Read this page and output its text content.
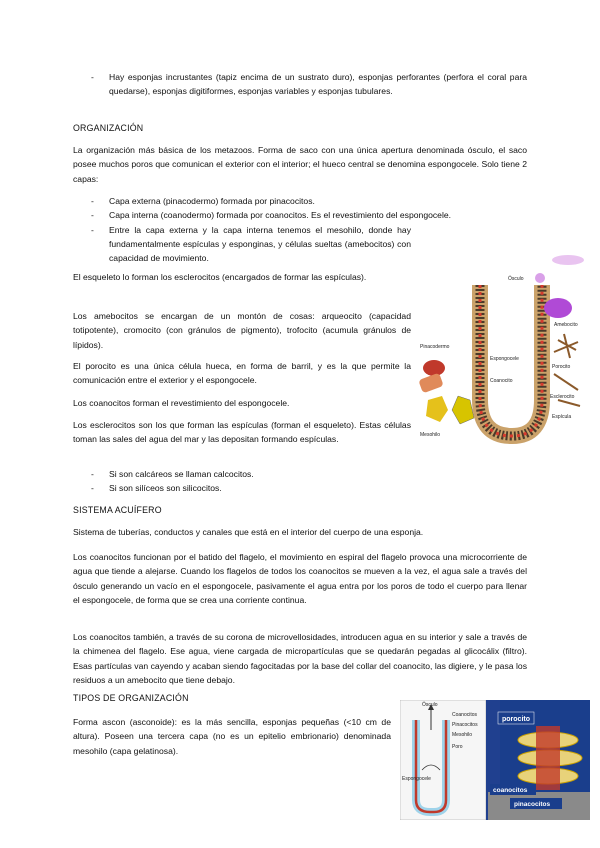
- Hay esponjas incrustantes (tapiz encima de un sustrato duro), esponjas perforantes (perfora el coral para quedarse), esponjas digitiformes, esponjas variables y esponjas tubulares.
ORGANIZACIÓN

La organización más básica de los metazoos. Forma de saco con una única apertura denominada ósculo, el saco posee muchos poros que comunican el exterior con el interior; el hueco central se denomina espongocele. Solo tiene 2 capas:

- Capa externa (pinacodermo) formada por pinacocitos.
- Capa interna (coanodermo) formada por coanocitos. Es el revestimiento del espongocele.
- Entre la capa externa y la capa interna tenemos el mesohilo, donde hay fundamentalmente espículas y esponginas, y células sueltas (amebocitos) con capacidad de movimiento.

El esqueleto lo forman los esclerocitos (encargados de formar las espículas).

Los amebocitos se encargan de un montón de cosas: arqueocito (capacidad totipotente), cromocito (con gránulos de pigmento), trofocito (acumula gránulos de lípidos).

El porocito es una única célula hueca, en forma de barril, y es la que permite la comunicación entre el exterior y el espongocele.

Los coanocitos forman el revestimiento del espongocele.

Los esclerocitos son los que forman las espículas (forman el esqueleto). Estas células toman las sales del agua del mar y las depositan formando espículas.

- Si son calcáreos se llaman calcocitos.
- Si son silíceos son silicocitos.
Pinacodermo
Espongocele
Coanocito
Ósculo
Amebocito
Porocito
Esclerocito
Espícula
Mesohilo
SISTEMA ACUÍFERO

Sistema de tuberías, conductos y canales que está en el interior del cuerpo de una esponja.

Los coanocitos funcionan por el batido del flagelo, el movimiento en espiral del flagelo provoca una microcorriente de agua que tiende a alejarse. Cuando los flagelos de todos los coanocitos se mueven a la vez, el agua sale a través del ósculo generando un vacío en el espongocele, pasivamente el agua entra por los poros de todo el cuerpo para llenar el espongocele, de forma que se crea una corriente continua.

Los coanocitos también, a través de su corona de microvellosidades, introducen agua en su interior y sale a través de la chimenea del flagelo. Ese agua, viene cargada de micropartículas que se quedarán pegadas al glicocálix (filtro). Esas partículas van cayendo y acaban siendo fagocitadas por la base del collar del coanocito, las digiere, y le pasa los residuos a un amebocito que tiene debajo.

TIPOS DE ORGANIZACIÓN

Forma ascon (asconoide): es la más sencilla, esponjas pequeñas (<10 cm de altura). Poseen una tercera capa (no es un epitelio embrionario) denominada mesohilo (capa gelatinosa).

Ósculo
Coanocitos
Pinacocitos
Mesohilo
Espongocele
Poro
porocito
coanocitos
pinacocitos
